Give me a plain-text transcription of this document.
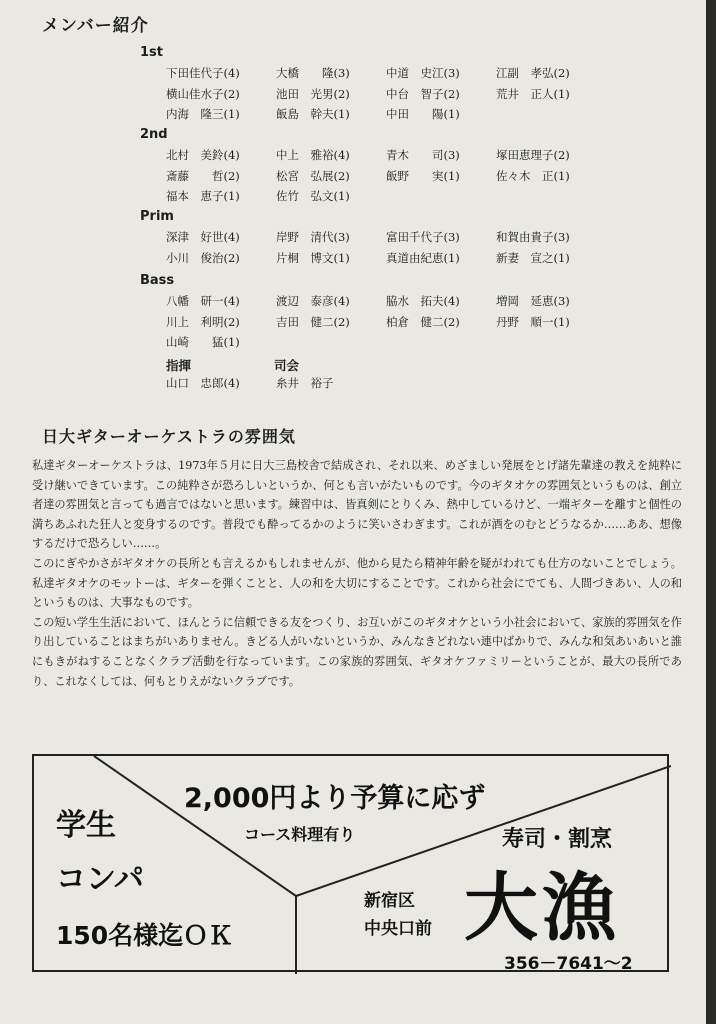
メンバー紹介
1st
下田佳代子(4)	大橋　　隆(3)	中道　史江(3)	江副　孝弘(2)
横山佳水子(2)	池田　光男(2)	中台　智子(2)	荒井　正人(1)
内海　隆三(1)	飯島　幹夫(1)	中田　　陽(1)
2nd
北村　美鈴(4)	中上　雅裕(4)	青木　　司(3)	塚田恵理子(2)
斎藤　　哲(2)	松宮　弘展(2)	飯野　　実(1)	佐々木　正(1)
福本　恵子(1)	佐竹　弘文(1)
Prim
深津　好世(4)	岸野　清代(3)	富田千代子(3)	和賀由貴子(3)
小川　俊治(2)	片桐　博文(1)	真道由紀恵(1)	新妻　宣之(1)
Bass
八幡　研一(4)	渡辺　泰彦(4)	脇水　拓夫(4)	増岡　延恵(3)
川上　利明(2)	吉田　健二(2)	柏倉　健二(2)	丹野　順一(1)
山崎　　猛(1)
指揮	司会
山口　忠郎(4)	糸井　裕子
日大ギターオーケストラの雰囲気

私達ギターオーケストラは、1973年５月に日大三島校舎で結成され、それ以来、めざましい発展をとげ諸先輩達の教えを純粋に受け継いできています。この純粋さが恐ろしいというか、何とも言いがたいものです。今のギタオケの雰囲気というものは、創立者達の雰囲気と言っても過言ではないと思います。練習中は、皆真剣にとりくみ、熱中しているけど、一端ギターを離すと個性の満ちあふれた狂人と変身するのです。普段でも酔ってるかのように笑いさわぎます。これが酒をのむとどうなるか……ああ、想像するだけで恐ろしい……。

このにぎやかさがギタオケの長所とも言えるかもしれませんが、他から見たら精神年齢を疑がわれても仕方のないことでしょう。私達ギタオケのモットーは、ギターを弾くことと、人の和を大切にすることです。これから社会にでても、人間づきあい、人の和というものは、大事なものです。

この短い学生生活において、ほんとうに信頼できる友をつくり、お互いがこのギタオケという小社会において、家族的雰囲気を作り出していることはまちがいありません。きどる人がいないというか、みんなきどれない連中ばかりで、みんな和気あいあいと誰にもきがねすることなくクラブ活動を行なっています。この家族的雰囲気、ギタオケファミリーということが、最大の長所であり、これなくしては、何もとりえがないクラブです。

学生
コンパ
150名様迄ＯＫ
2,000円より予算に応ず
コース料理有り	寿司・割烹
新宿区
中央口前 大漁
356－7641～2
